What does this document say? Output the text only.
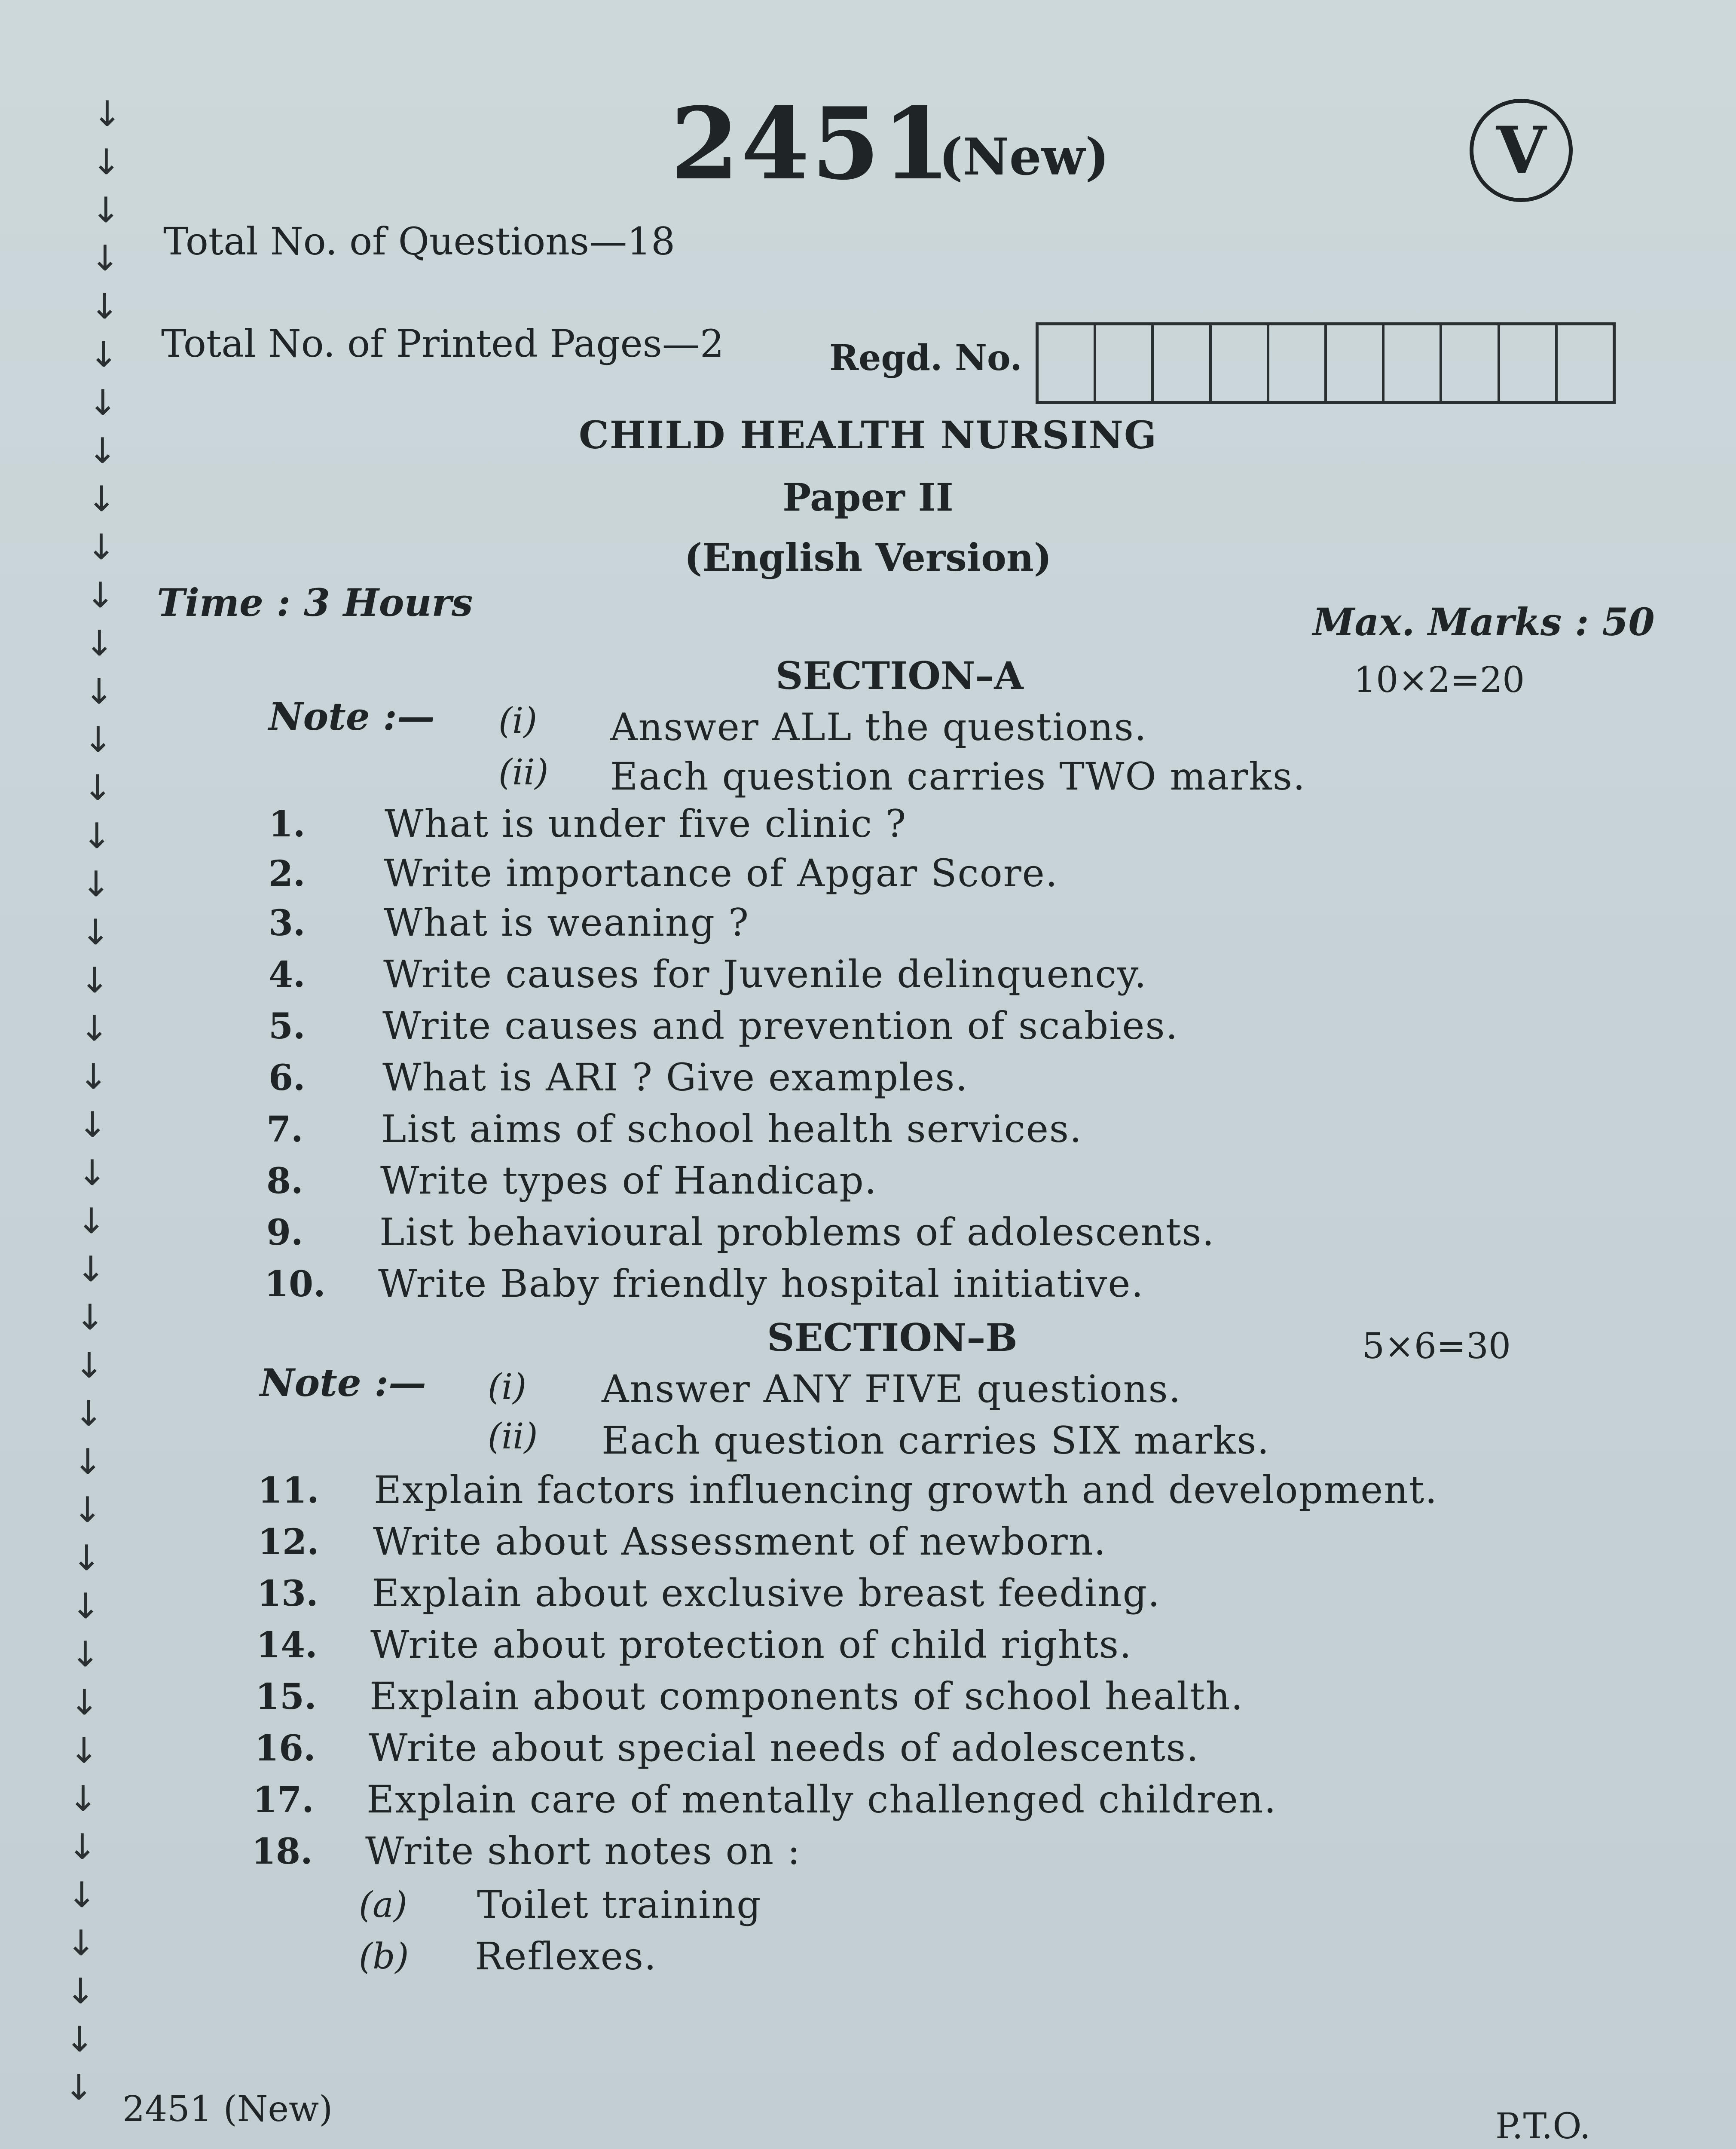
↓
↓
↓
↓
↓
↓
↓
↓
↓
↓
↓
↓
↓
↓
↓
↓
↓
↓
↓
↓
↓
↓
↓
↓
↓
↓
↓
↓
↓
↓
↓
↓
↓
↓
↓
↓
↓
↓
↓
↓
↓
↓
2451
(New)	V
Total No. of Questions—18
Total No. of Printed Pages—2	Regd. No.
CHILD HEALTH NURSING
Paper II
(English Version)
Time : 3 Hours	Max. Marks : 50
SECTION–A	10×2=20
Note :— (i) Answer ALL the questions.
(ii) Each question carries TWO marks.
1. What is under five clinic ?
2. Write importance of Apgar Score.
3. What is weaning ?
4. Write causes for Juvenile delinquency.
5. Write causes and prevention of scabies.
6. What is ARI ? Give examples.
7. List aims of school health services.
8. Write types of Handicap.
9. List behavioural problems of adolescents.
10. Write Baby friendly hospital initiative.
SECTION–B	5×6=30
Note :— (i) Answer ANY FIVE questions.
(ii) Each question carries SIX marks.
11. Explain factors influencing growth and development.
12. Write about Assessment of newborn.
13. Explain about exclusive breast feeding.
14. Write about protection of child rights.
15. Explain about components of school health.
16. Write about special needs of adolescents.
17. Explain care of mentally challenged children.
18. Write short notes on :
(a) Toilet training
(b) Reflexes.
2451 (New)	P.T.O.
